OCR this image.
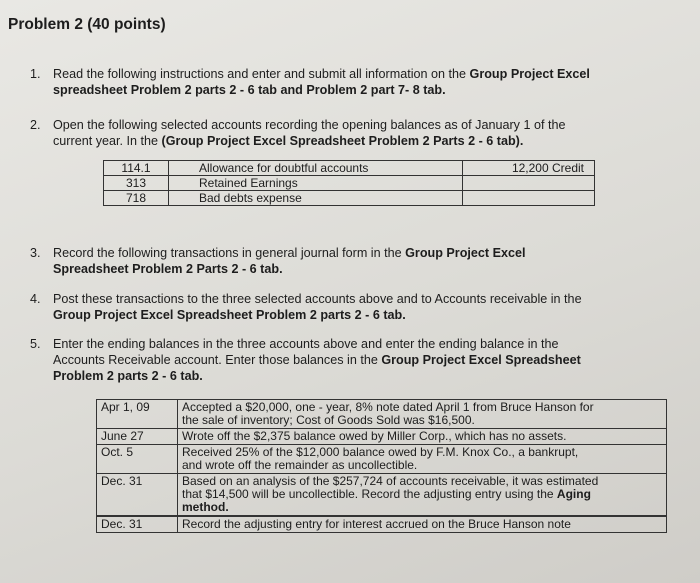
Problem 2 (40 points)
1. Read the following instructions and enter and submit all information on the Group Project Excel
spreadsheet Problem 2 parts 2 - 6 tab and Problem 2 part 7- 8 tab.
2. Open the following selected accounts recording the opening balances as of January 1 of the
current year. In the (Group Project Excel Spreadsheet Problem 2 Parts 2 - 6 tab).
114.1	Allowance for doubtful accounts	12,200 Credit
313	Retained Earnings	
718	Bad debts expense	
3. Record the following transactions in general journal form in the Group Project Excel
Spreadsheet Problem 2 Parts 2 - 6 tab.
4. Post these transactions to the three selected accounts above and to Accounts receivable in the
Group Project Excel Spreadsheet Problem 2 parts 2 - 6 tab.
5. Enter the ending balances in the three accounts above and enter the ending balance in the
Accounts Receivable account. Enter those balances in the Group Project Excel Spreadsheet
Problem 2 parts 2 - 6 tab.
Apr 1, 09	Accepted a $20,000, one - year, 8% note dated April 1 from Bruce Hanson for
the sale of inventory; Cost of Goods Sold was $16,500.

June 27	Wrote off the $2,375 balance owed by Miller Corp., which has no assets.

Oct. 5	Received 25% of the $12,000 balance owed by F.M. Knox Co., a bankrupt,
and wrote off the remainder as uncollectible.

Dec. 31	Based on an analysis of the $257,724 of accounts receivable, it was estimated
that $14,500 will be uncollectible. Record the adjusting entry using the Aging
method.

Dec. 31	Record the adjusting entry for interest accrued on the Bruce Hanson note
